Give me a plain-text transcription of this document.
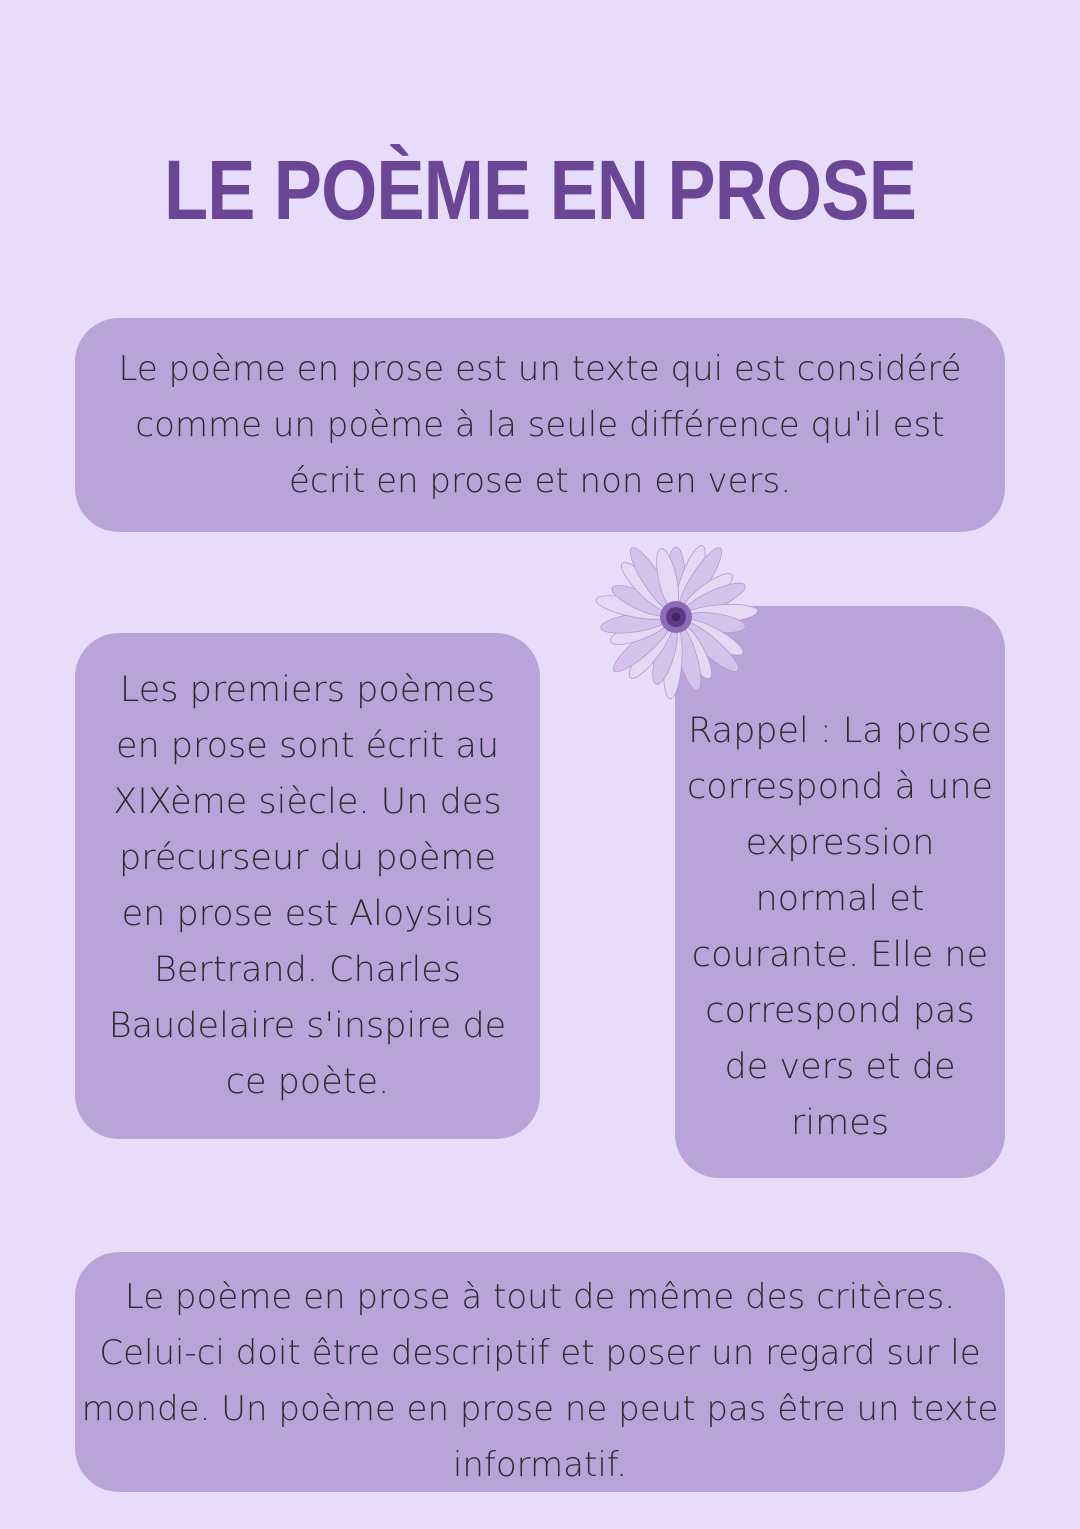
LE POÈME EN PROSE

Le poème en prose est un texte qui est considéré comme un poème à la seule différence qu'il est écrit en prose et non en vers.

Les premiers poèmes en prose sont écrit au XIXème siècle. Un des précurseur du poème en prose est Aloysius Bertrand. Charles Baudelaire s'inspire de ce poète.

Rappel : La prose correspond à une expression normal et courante. Elle ne correspond pas de vers et de rimes

Le poème en prose à tout de même des critères. Celui-ci doit être descriptif et poser un regard sur le monde. Un poème en prose ne peut pas être un texte informatif.
